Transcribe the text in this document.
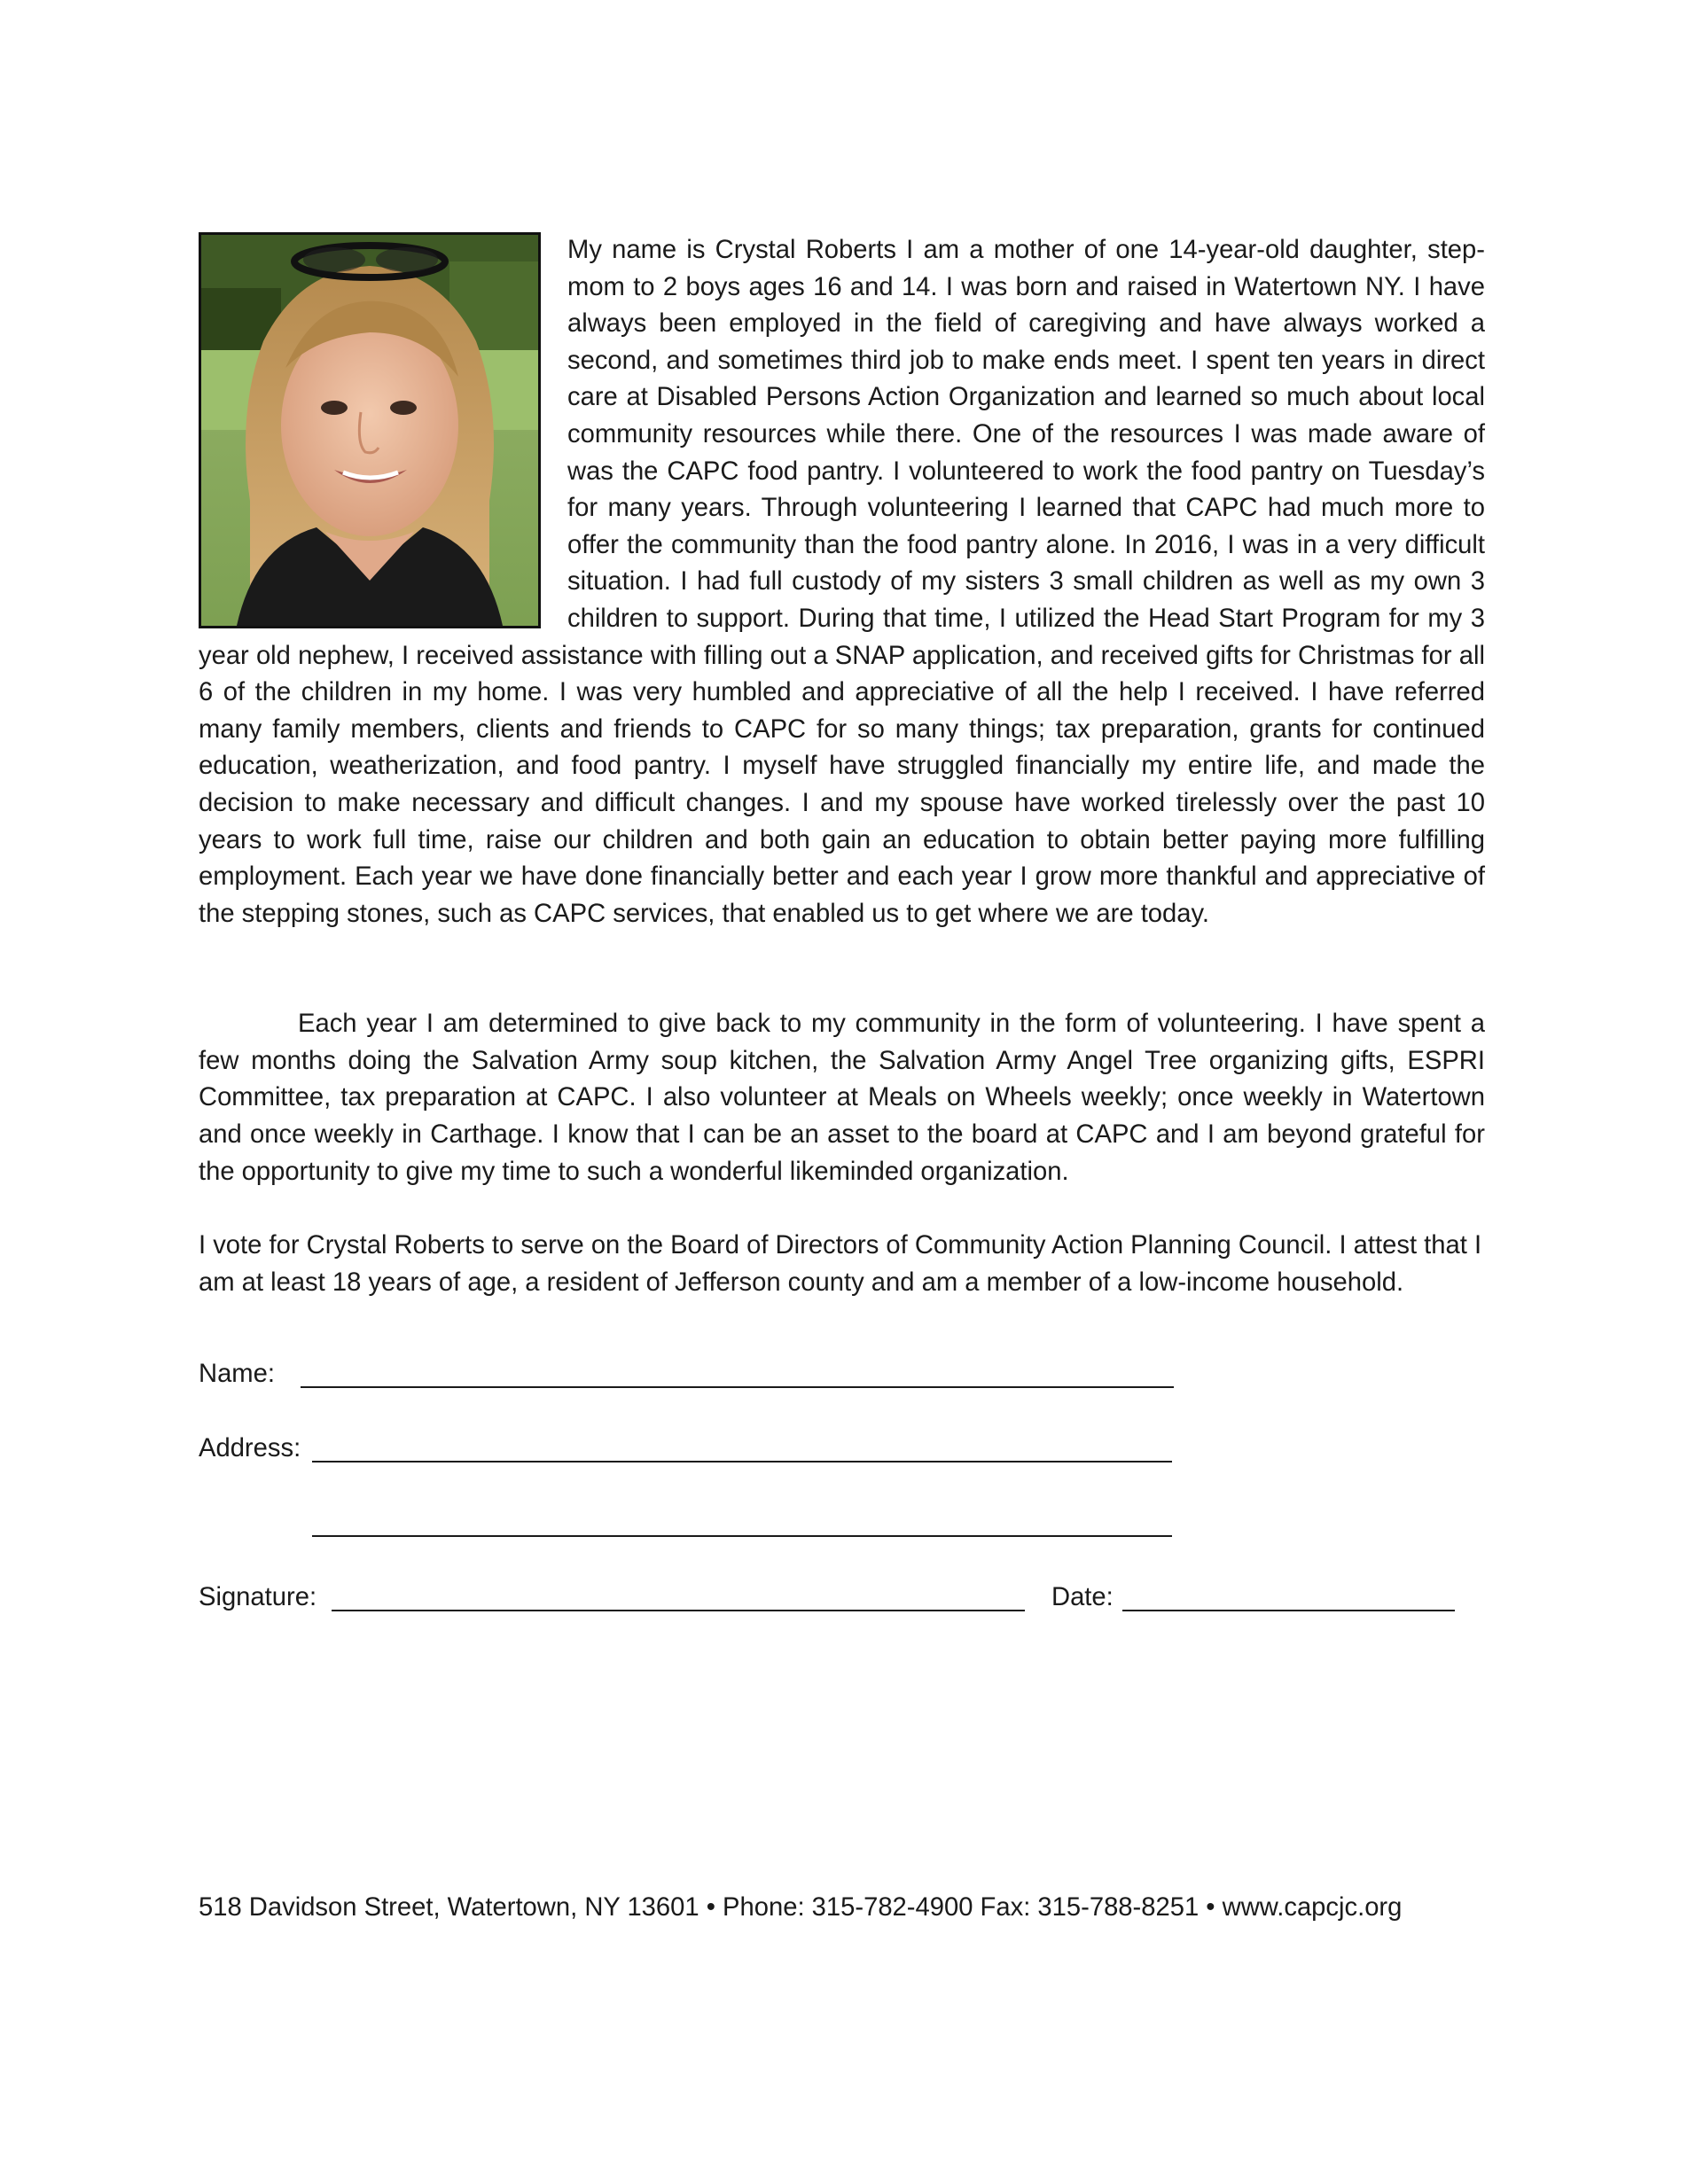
My name is Crystal Roberts I am a mother of one 14-year-old daughter, step-mom to 2 boys ages 16 and 14. I was born and raised in Watertown NY. I have always been employed in the field of caregiving and have always worked a second, and sometimes third job to make ends meet. I spent ten years in direct care at Disabled Persons Action Organization and learned so much about local community resources while there. One of the resources I was made aware of was the CAPC food pantry. I volunteered to work the food pantry on Tuesday’s for many years. Through volunteering I learned that CAPC had much more to offer the community than the food pantry alone. In 2016, I was in a very difficult situation. I had full custody of my sisters 3 small children as well as my own 3 children to support. During that time, I utilized the Head Start Program for my 3 year old nephew, I received assistance with filling out a SNAP application, and received gifts for Christmas for all 6 of the children in my home. I was very humbled and appreciative of all the help I received. I have referred many family members, clients and friends to CAPC for so many things; tax preparation, grants for continued education, weatherization, and food pantry. I myself have struggled financially my entire life, and made the decision to make necessary and difficult changes. I and my spouse have worked tirelessly over the past 10 years to work full time, raise our children and both gain an education to obtain better paying more fulfilling employment. Each year we have done financially better and each year I grow more thankful and appreciative of the stepping stones, such as CAPC services, that enabled us to get where we are today.

Each year I am determined to give back to my community in the form of volunteering. I have spent a few months doing the Salvation Army soup kitchen, the Salvation Army Angel Tree organizing gifts, ESPRI Committee, tax preparation at CAPC. I also volunteer at Meals on Wheels weekly; once weekly in Watertown and once weekly in Carthage. I know that I can be an asset to the board at CAPC and I am beyond grateful for the opportunity to give my time to such a wonderful likeminded organization.

I vote for Crystal Roberts to serve on the Board of Directors of Community Action Planning Council. I attest that I am at least 18 years of age, a resident of Jefferson county and am a member of a low-income household.

Name:
Address:
Signature:	Date:
518 Davidson Street, Watertown, NY 13601 • Phone: 315-782-4900 Fax: 315-788-8251 • www.capcjc.org
